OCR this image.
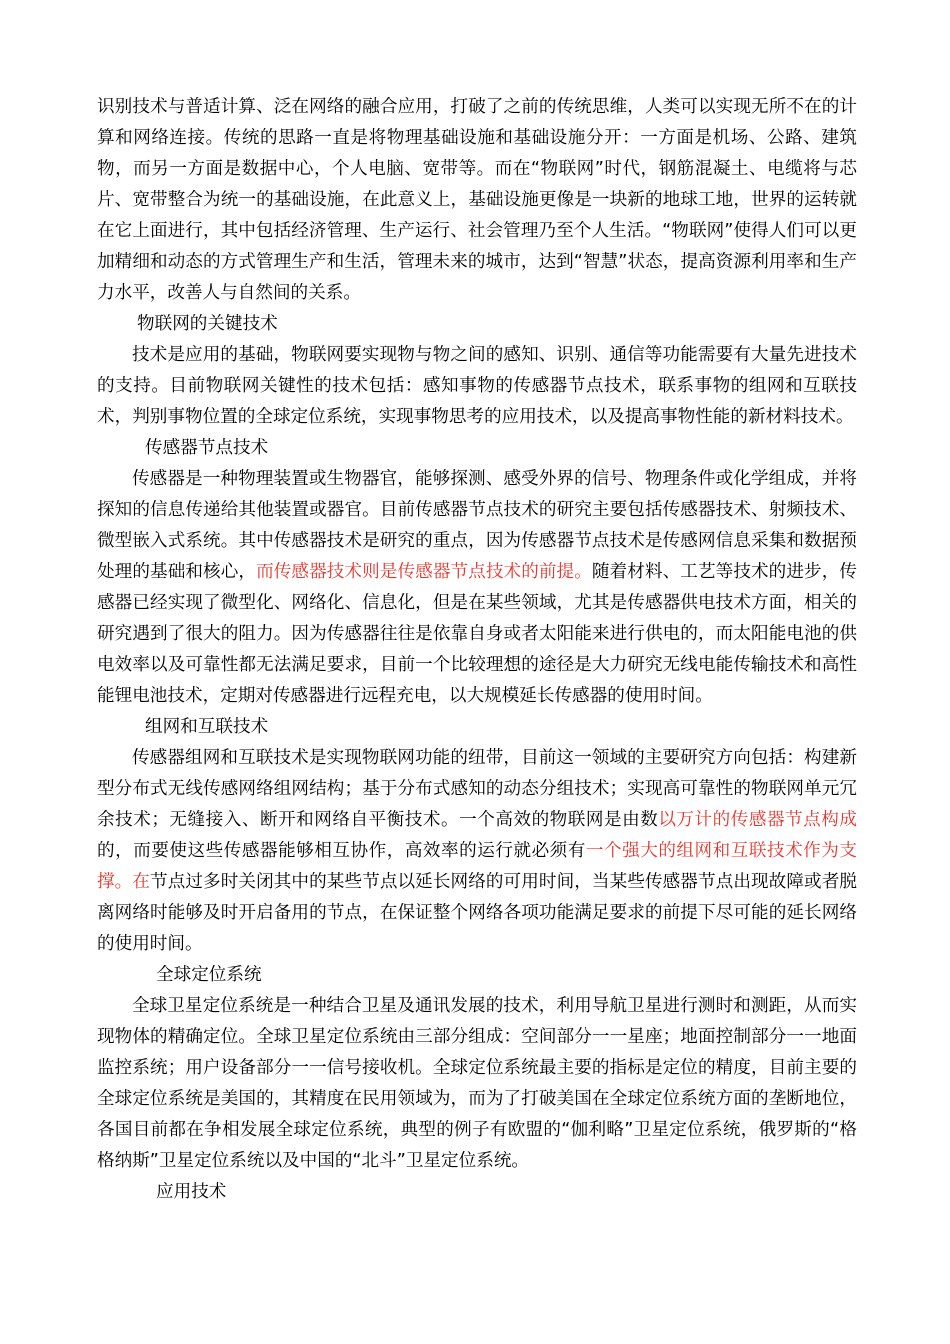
识别技术与普适计算、泛在网络的融合应用，打破了之前的传统思维，人类可以实现无所不在的计算和网络连接。传统的思路一直是将物理基础设施和基础设施分开：一方面是机场、公路、建筑物，而另一方面是数据中心，个人电脑、宽带等。而在“物联网”时代，钢筋混凝土、电缆将与芯片、宽带整合为统一的基础设施，在此意义上，基础设施更像是一块新的地球工地，世界的运转就在它上面进行，其中包括经济管理、生产运行、社会管理乃至个人生活。“物联网”使得人们可以更加精细和动态的方式管理生产和生活，管理未来的城市，达到“智慧”状态，提高资源利用率和生产力水平，改善人与自然间的关系。

物联网的关键技术

技术是应用的基础，物联网要实现物与物之间的感知、识别、通信等功能需要有大量先进技术的支持。目前物联网关键性的技术包括：感知事物的传感器节点技术，联系事物的组网和互联技术，判别事物位置的全球定位系统，实现事物思考的应用技术，以及提高事物性能的新材料技术。

传感器节点技术

传感器是一种物理装置或生物器官，能够探测、感受外界的信号、物理条件或化学组成，并将探知的信息传递给其他装置或器官。目前传感器节点技术的研究主要包括传感器技术、射频技术、微型嵌入式系统。其中传感器技术是研究的重点，因为传感器节点技术是传感网信息采集和数据预处理的基础和核心，而传感器技术则是传感器节点技术的前提。随着材料、工艺等技术的进步，传感器已经实现了微型化、网络化、信息化，但是在某些领域，尤其是传感器供电技术方面，相关的研究遇到了很大的阻力。因为传感器往往是依靠自身或者太阳能来进行供电的，而太阳能电池的供电效率以及可靠性都无法满足要求，目前一个比较理想的途径是大力研究无线电能传输技术和高性能锂电池技术，定期对传感器进行远程充电，以大规模延长传感器的使用时间。

组网和互联技术

传感器组网和互联技术是实现物联网功能的纽带，目前这一领域的主要研究方向包括：构建新型分布式无线传感网络组网结构；基于分布式感知的动态分组技术；实现高可靠性的物联网单元冗余技术；无缝接入、断开和网络自平衡技术。一个高效的物联网是由数以万计的传感器节点构成的，而要使这些传感器能够相互协作，高效率的运行就必须有一个强大的组网和互联技术作为支撑。在节点过多时关闭其中的某些节点以延长网络的可用时间，当某些传感器节点出现故障或者脱离网络时能够及时开启备用的节点，在保证整个网络各项功能满足要求的前提下尽可能的延长网络的使用时间。

全球定位系统

全球卫星定位系统是一种结合卫星及通讯发展的技术，利用导航卫星进行测时和测距，从而实现物体的精确定位。全球卫星定位系统由三部分组成：空间部分一一星座；地面控制部分一一地面监控系统；用户设备部分一一信号接收机。全球定位系统最主要的指标是定位的精度，目前主要的全球定位系统是美国的，其精度在民用领域为，而为了打破美国在全球定位系统方面的垄断地位，各国目前都在争相发展全球定位系统，典型的例子有欧盟的“伽利略”卫星定位系统，俄罗斯的“格格纳斯”卫星定位系统以及中国的“北斗”卫星定位系统。

应用技术
